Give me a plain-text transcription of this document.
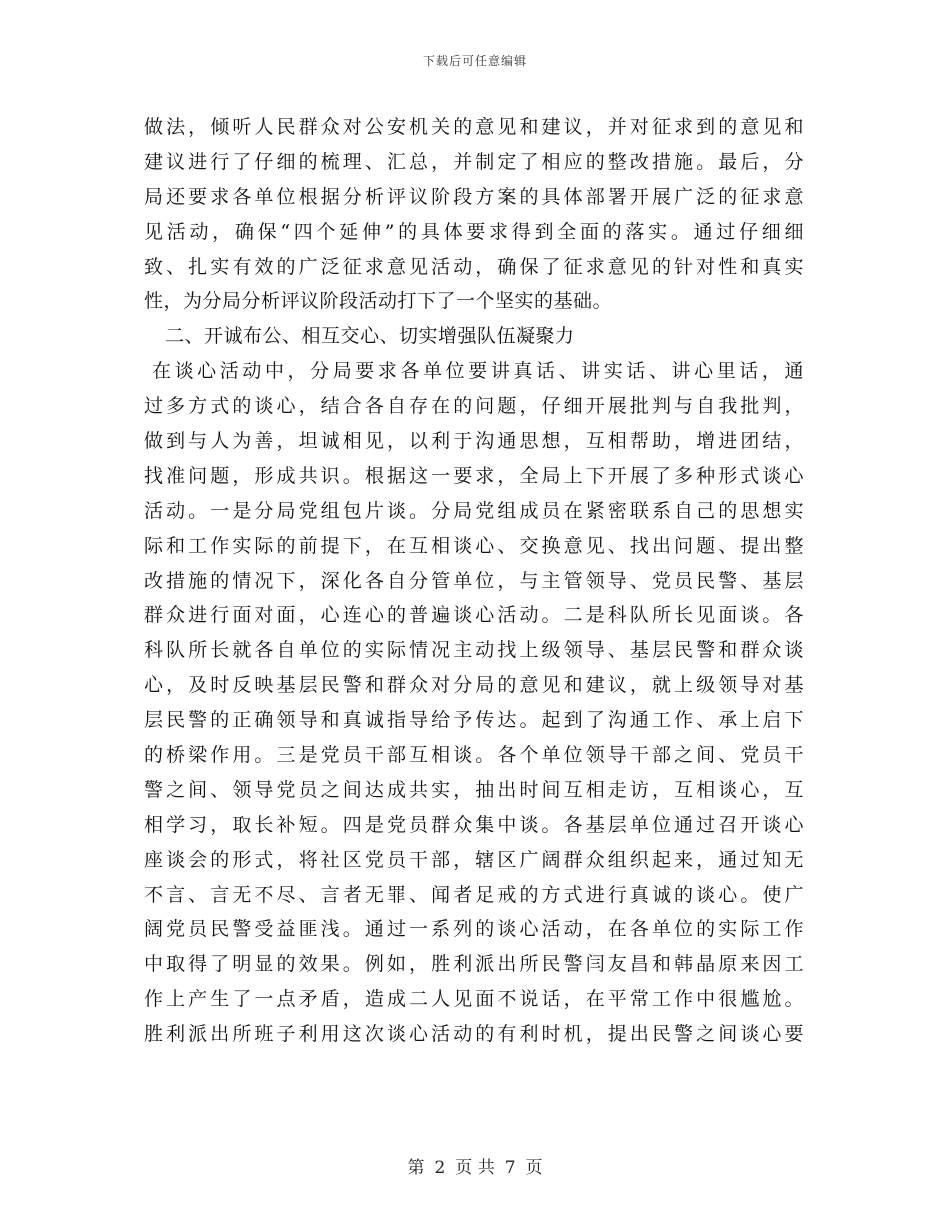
下载后可任意编辑
做法，倾听人民群众对公安机关的意见和建议，并对征求到的意见和
建议进行了仔细的梳理、汇总，并制定了相应的整改措施。最后，分
局还要求各单位根据分析评议阶段方案的具体部署开展广泛的征求意
见活动，确保“四个延伸”的具体要求得到全面的落实。通过仔细细
致、扎实有效的广泛征求意见活动，确保了征求意见的针对性和真实
性，为分局分析评议阶段活动打下了一个坚实的基础。
二、开诚布公、相互交心、切实增强队伍凝聚力
在谈心活动中，分局要求各单位要讲真话、讲实话、讲心里话，通
过多方式的谈心，结合各自存在的问题，仔细开展批判与自我批判，
做到与人为善，坦诚相见，以利于沟通思想，互相帮助，增进团结，
找准问题，形成共识。根据这一要求，全局上下开展了多种形式谈心
活动。一是分局党组包片谈。分局党组成员在紧密联系自己的思想实
际和工作实际的前提下，在互相谈心、交换意见、找出问题、提出整
改措施的情况下，深化各自分管单位，与主管领导、党员民警、基层
群众进行面对面，心连心的普遍谈心活动。二是科队所长见面谈。各
科队所长就各自单位的实际情况主动找上级领导、基层民警和群众谈
心，及时反映基层民警和群众对分局的意见和建议，就上级领导对基
层民警的正确领导和真诚指导给予传达。起到了沟通工作、承上启下
的桥梁作用。三是党员干部互相谈。各个单位领导干部之间、党员干
警之间、领导党员之间达成共实，抽出时间互相走访，互相谈心，互
相学习，取长补短。四是党员群众集中谈。各基层单位通过召开谈心
座谈会的形式，将社区党员干部，辖区广阔群众组织起来，通过知无
不言、言无不尽、言者无罪、闻者足戒的方式进行真诚的谈心。使广
阔党员民警受益匪浅。通过一系列的谈心活动，在各单位的实际工作
中取得了明显的效果。例如，胜利派出所民警闫友昌和韩晶原来因工
作上产生了一点矛盾，造成二人见面不说话，在平常工作中很尴尬。
胜利派出所班子利用这次谈心活动的有利时机，提出民警之间谈心要
第 2 页 共 7 页
